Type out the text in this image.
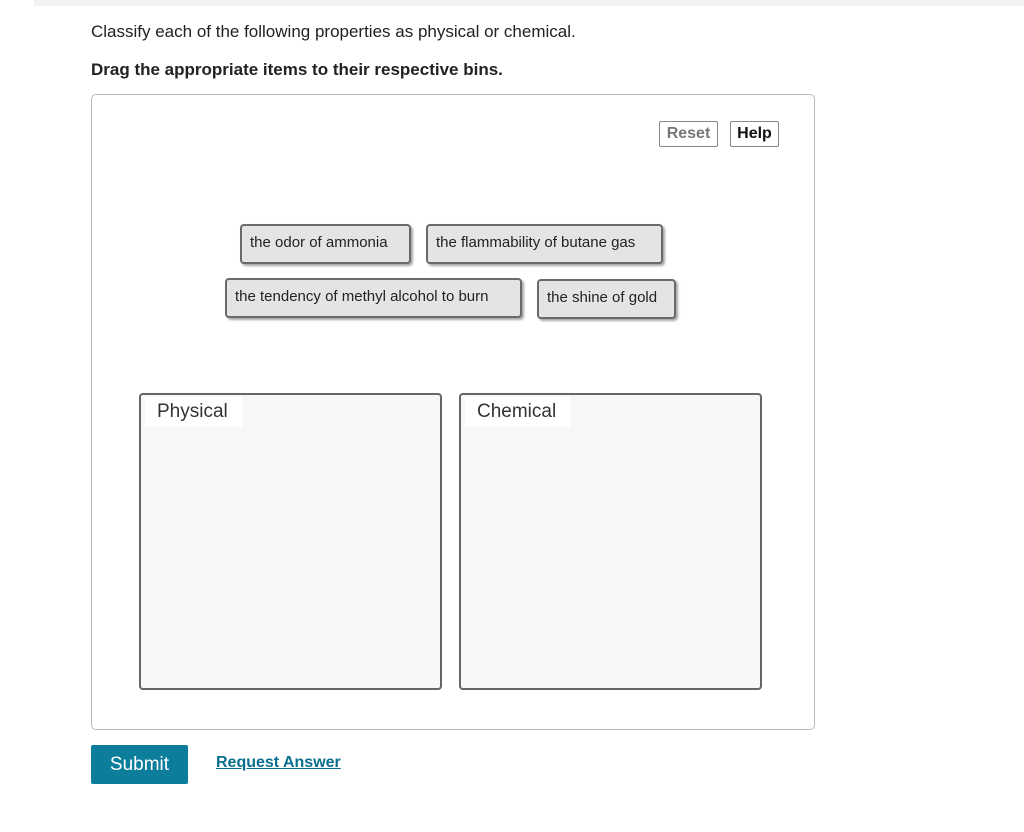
Classify each of the following properties as physical or chemical.
Drag the appropriate items to their respective bins.
Reset	Help
the odor of ammonia	the flammability of butane gas
the tendency of methyl alcohol to burn	the shine of gold
Physical	Chemical
Submit	Request Answer
